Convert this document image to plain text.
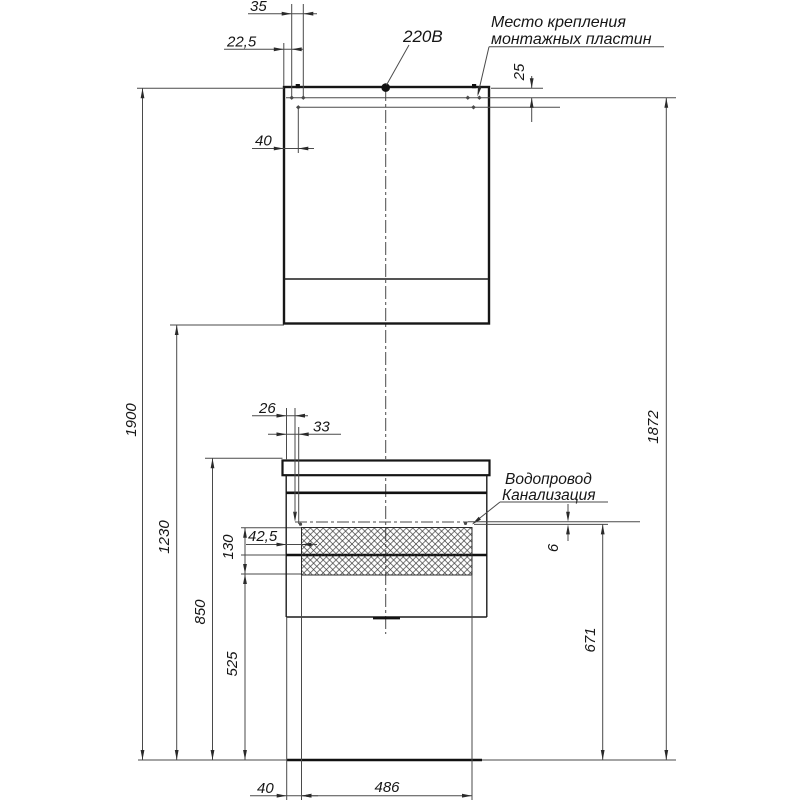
35
22,5
40
25
220В
Место крепления
монтажных пластин
1900
1230
850
525
130
26
33
42,5
Водопровод
Канализация
6
671
1872
40	486
